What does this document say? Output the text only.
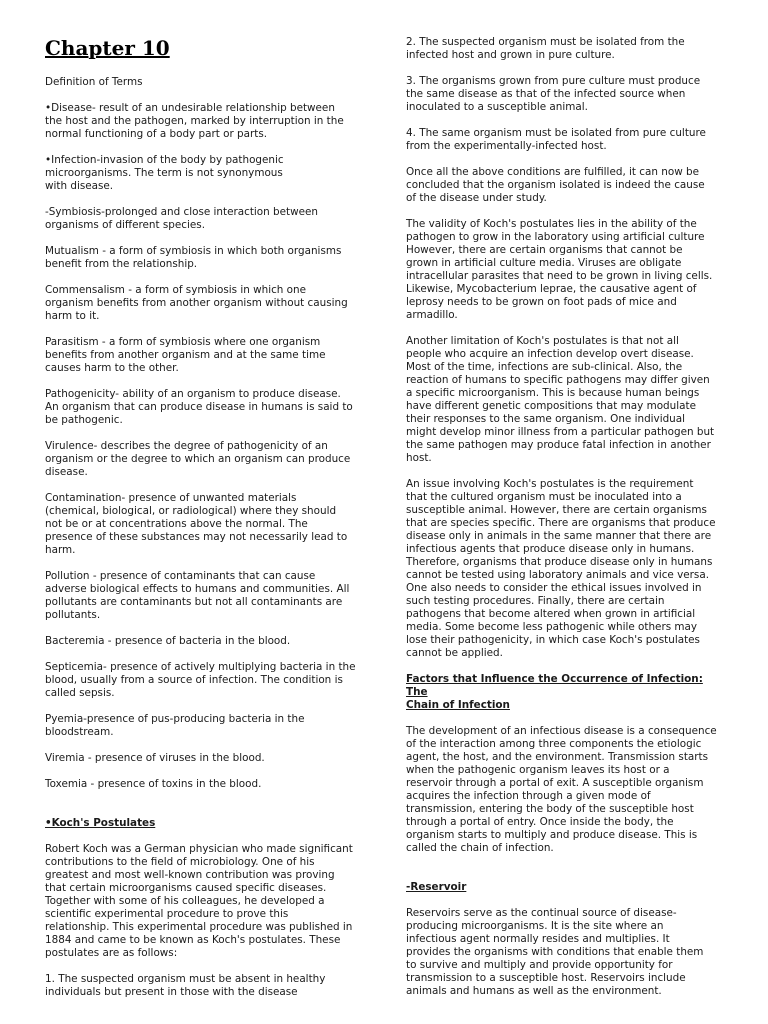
Chapter 10

Definition of Terms

•Disease- result of an undesirable relationship between
the host and the pathogen, marked by interruption in the
normal functioning of a body part or parts.

•Infection-invasion of the body by pathogenic
microorganisms. The term is not synonymous
with disease.

-Symbiosis-prolonged and close interaction between
organisms of different species.

Mutualism - a form of symbiosis in which both organisms
benefit from the relationship.

Commensalism - a form of symbiosis in which one
organism benefits from another organism without causing
harm to it.

Parasitism - a form of symbiosis where one organism
benefits from another organism and at the same time
causes harm to the other.

Pathogenicity- ability of an organism to produce disease.
An organism that can produce disease in humans is said to
be pathogenic.

Virulence- describes the degree of pathogenicity of an
organism or the degree to which an organism can produce
disease.

Contamination- presence of unwanted materials
(chemical, biological, or radiological) where they should
not be or at concentrations above the normal. The
presence of these substances may not necessarily lead to
harm.

Pollution - presence of contaminants that can cause
adverse biological effects to humans and communities. All
pollutants are contaminants but not all contaminants are
pollutants.

Bacteremia - presence of bacteria in the blood.

Septicemia- presence of actively multiplying bacteria in the
blood, usually from a source of infection. The condition is
called sepsis.

Pyemia-presence of pus-producing bacteria in the
bloodstream.

Viremia - presence of viruses in the blood.

Toxemia - presence of toxins in the blood.

•Koch's Postulates

Robert Koch was a German physician who made significant
contributions to the field of microbiology. One of his
greatest and most well-known contribution was proving
that certain microorganisms caused specific diseases.
Together with some of his colleagues, he developed a
scientific experimental procedure to prove this
relationship. This experimental procedure was published in
1884 and came to be known as Koch's postulates. These
postulates are as follows:

1. The suspected organism must be absent in healthy
individuals but present in those with the disease

2. The suspected organism must be isolated from the
infected host and grown in pure culture.

3. The organisms grown from pure culture must produce
the same disease as that of the infected source when
inoculated to a susceptible animal.

4. The same organism must be isolated from pure culture
from the experimentally-infected host.

Once all the above conditions are fulfilled, it can now be
concluded that the organism isolated is indeed the cause
of the disease under study.

The validity of Koch's postulates lies in the ability of the
pathogen to grow in the laboratory using artificial culture
However, there are certain organisms that cannot be
grown in artificial culture media. Viruses are obligate
intracellular parasites that need to be grown in living cells.
Likewise, Mycobacterium leprae, the causative agent of
leprosy needs to be grown on foot pads of mice and
armadillo.

Another limitation of Koch's postulates is that not all
people who acquire an infection develop overt disease.
Most of the time, infections are sub-clinical. Also, the
reaction of humans to specific pathogens may differ given
a specific microorganism. This is because human beings
have different genetic compositions that may modulate
their responses to the same organism. One individual
might develop minor illness from a particular pathogen but
the same pathogen may produce fatal infection in another
host.

An issue involving Koch's postulates is the requirement
that the cultured organism must be inoculated into a
susceptible animal. However, there are certain organisms
that are species specific. There are organisms that produce
disease only in animals in the same manner that there are
infectious agents that produce disease only in humans.
Therefore, organisms that produce disease only in humans
cannot be tested using laboratory animals and vice versa.
One also needs to consider the ethical issues involved in
such testing procedures. Finally, there are certain
pathogens that become altered when grown in artificial
media. Some become less pathogenic while others may
lose their pathogenicity, in which case Koch's postulates
cannot be applied.

Factors that Influence the Occurrence of Infection: The
Chain of Infection

The development of an infectious disease is a consequence
of the interaction among three components the etiologic
agent, the host, and the environment. Transmission starts
when the pathogenic organism leaves its host or a
reservoir through a portal of exit. A susceptible organism
acquires the infection through a given mode of
transmission, entering the body of the susceptible host
through a portal of entry. Once inside the body, the
organism starts to multiply and produce disease. This is
called the chain of infection.

-Reservoir

Reservoirs serve as the continual source of disease-
producing microorganisms. It is the site where an
infectious agent normally resides and multiplies. It
provides the organisms with conditions that enable them
to survive and multiply and provide opportunity for
transmission to a susceptible host. Reservoirs include
animals and humans as well as the environment.
